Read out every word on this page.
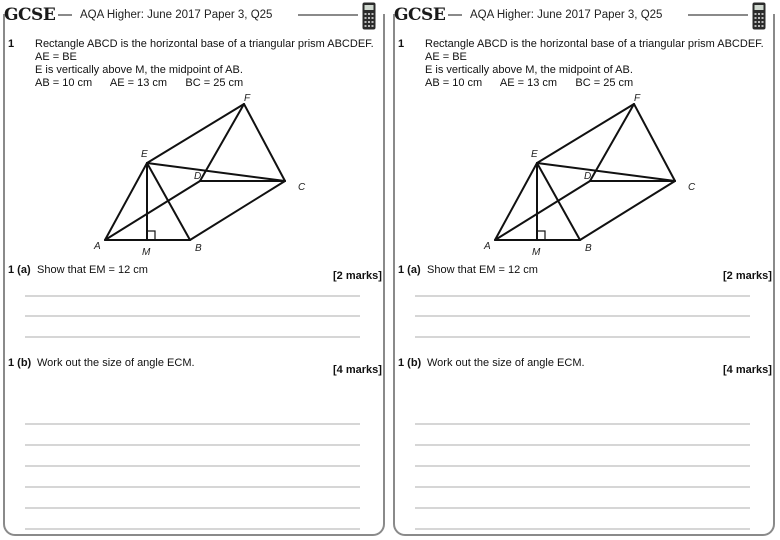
GCSE AQA Higher: June 2017 Paper 3, Q25
1 Rectangle ABCD is the horizontal base of a triangular prism ABCDEF.
AE = BE
E is vertically above M, the midpoint of AB.
AB = 10 cm      AE = 13 cm      BC = 25 cm
A	B
C
D
E
F
M
1 (a) Show that EM = 12 cm	[2 marks]
1 (b) Work out the size of angle ECM.
[4 marks]
GCSE AQA Higher: June 2017 Paper 3, Q25
1 Rectangle ABCD is the horizontal base of a triangular prism ABCDEF.
AE = BE
E is vertically above M, the midpoint of AB.
AB = 10 cm      AE = 13 cm      BC = 25 cm
A	B
C
D
E
F
M
1 (a) Show that EM = 12 cm	[2 marks]
1 (b) Work out the size of angle ECM.
[4 marks]
